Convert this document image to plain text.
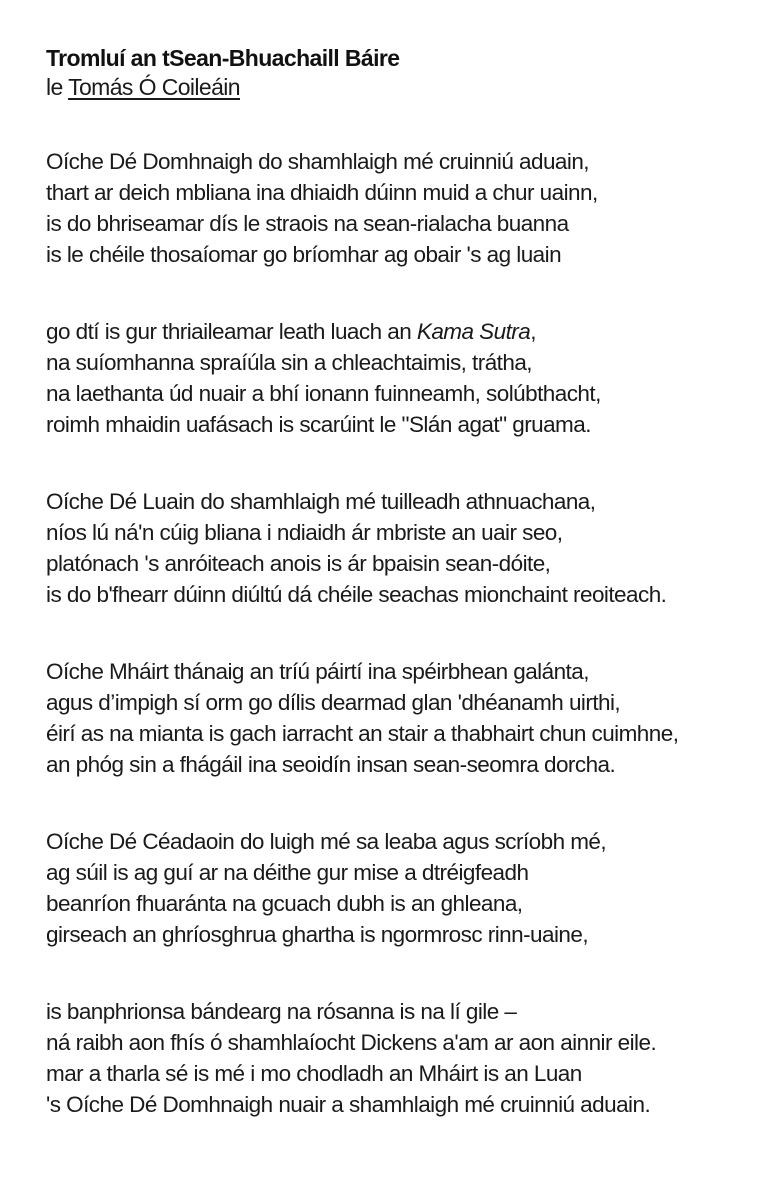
Tromluí an tSean-Bhuachaill Báire
le Tomás Ó Coileáin
Oíche Dé Domhnaigh do shamhlaigh mé cruinniú aduain,
thart ar deich mbliana ina dhiaidh dúinn muid a chur uainn,
is do bhriseamar dís le straois na sean-rialacha buanna
is le chéile thosaíomar go bríomhar ag obair 's ag luain
go dtí is gur thriaileamar leath luach an Kama Sutra,
na suíomhanna spraíúla sin a chleachtaimis, trátha,
na laethanta úd nuair a bhí ionann fuinneamh, solúbthacht,
roimh mhaidin uafásach is scarúint le "Slán agat" gruama.
Oíche Dé Luain do shamhlaigh mé tuilleadh athnuachana,
níos lú ná'n cúig bliana i ndiaidh ár mbriste an uair seo,
platónach 's anróiteach anois is ár bpaisin sean-dóite,
is do b'fhearr dúinn diúltú dá chéile seachas mionchaint reoiteach.
Oíche Mháirt thánaig an tríú páirtí ina spéirbhean galánta,
agus d’impigh sí orm go dílis dearmad glan 'dhéanamh uirthi,
éirí as na mianta is gach iarracht an stair a thabhairt chun cuimhne,
an phóg sin a fhágáil ina seoidín insan sean-seomra dorcha.
Oíche Dé Céadaoin do luigh mé sa leaba agus scríobh mé,
ag súil is ag guí ar na déithe gur mise a dtréigfeadh
beanríon fhuaránta na gcuach dubh is an ghleana,
girseach an ghríosghrua ghartha is ngormrosc rinn-uaine,
is banphrionsa bándearg na rósanna is na lí gile –
ná raibh aon fhís ó shamhlaíocht Dickens a'am ar aon ainnir eile.
mar a tharla sé is mé i mo chodladh an Mháirt is an Luan
's Oíche Dé Domhnaigh nuair a shamhlaigh mé cruinniú aduain.
